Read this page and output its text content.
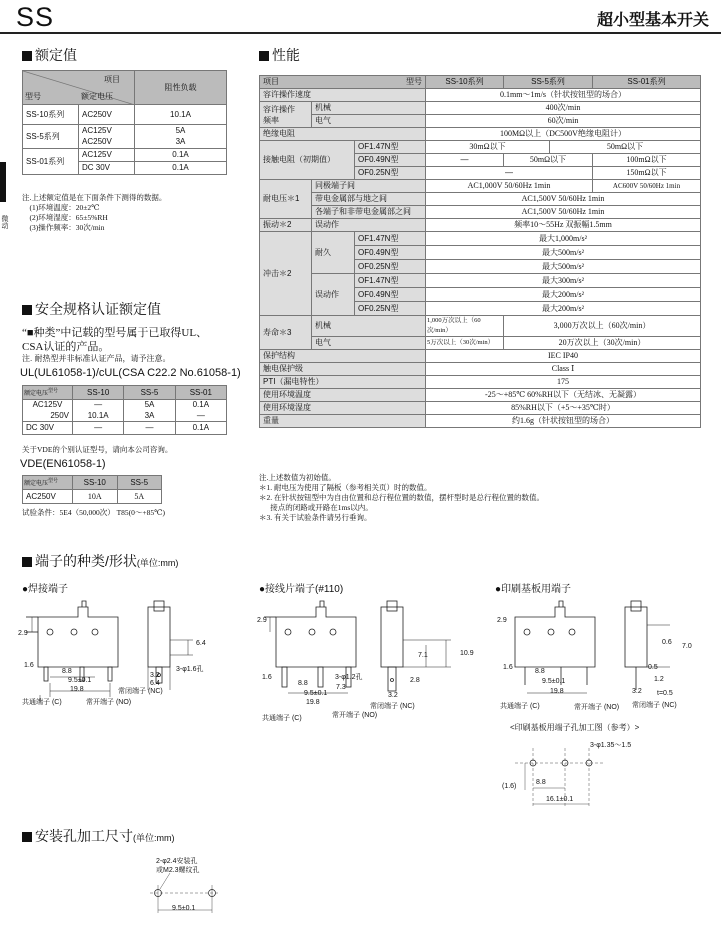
SS	超小型基本开关
微动
额定值
项目
型号 额定电压		阻性负载
SS-10系列	AC250V	10.1A
SS-5系列	AC125V	5A
	AC250V	3A
SS-01系列	AC125V	0.1A
	DC 30V	0.1A
注.上述额定值是在下面条件下测得的数据。
(1)环境温度：20±2℃
(2)环境湿度：65±5%RH
(3)操作频率：30次/min
安全规格认证额定值
“■种类”中记载的型号属于已取得UL、
CSA认证的产品。
注. 耐热型并非标准认证产品，请予注意。
UL(UL61058-1)/cUL(CSA C22.2 No.61058-1)
额定电压$^{型号}$	SS-10	SS-5	SS-01
AC125V	—	5A	0.1A
250V	10.1A	3A	—
DC 30V	—	—	0.1A
关于VDE的个别认证型号，请向本公司咨询。
VDE(EN61058-1)
额定电压$^{型号}$	SS-10	SS-5
AC250V	10A	5A
试验条件：5E4（50,000次） T85(0～+85℃)
性能
项目 型号			SS-10系列	SS-5系列		SS-01系列
容许操作速度			0.1mm～1m/s（针状按钮型的场合）			
容许操作
频率	机械		400次/min			
	电气		60次/min			
绝缘电阻			100MΩ以上（DC500V绝缘电阻计）			
接触电阻（初期值）		OF1.47N型	30mΩ以下		50mΩ以下	
		OF0.49N型	—	50mΩ以下		100mΩ以下
		OF0.25N型	—			150mΩ以下
耐电压＊1	同极端子间		AC1,000V 50/60Hz 1min			AC600V 50/60Hz 1min
	带电金属部与地之间		AC1,500V 50/60Hz 1min			
	各端子和非带电金属部之间		AC1,500V 50/60Hz 1min			
振动＊2	误动作		频率10～55Hz 双振幅1.5mm			
冲击＊2	耐久	OF1.47N型	最大1,000m/s²			
		OF0.49N型	最大500m/s²			
		OF0.25N型	最大500m/s²			
	误动作	OF1.47N型	最大300m/s²			
		OF0.49N型	最大200m/s²			
		OF0.25N型	最大200m/s²			
寿命＊3	机械		1,000万次以上（60次/min）	3,000万次以上（60次/min）		
	电气		5万次以上（30次/min）	20万次以上（30次/min）		
保护结构			IEC IP40			
触电保护级			Class Ⅰ			
PTI（漏电特性）			175			
使用环境温度			-25～+85℃ 60%RH以下（无结冰、无凝露）			
使用环境湿度			85%RH以下（+5～+35℃时）			
重量			约1.6g（针状按钮型的场合）			
注.上述数值为初始值。
＊1. 耐电压为使用了隔板（参考相关页）时的数值。
＊2. 在针状按钮型中为自由位置和总行程位置的数值，摆杆型时是总行程位置的数值。
接点的闭路或开路在1ms以内。
＊3. 有关于试验条件请另行垂询。
端子的种类/形状(单位:mm)
●焊接端子	●接线片端子(#110)	●印刷基板用端子
2.9
1.6
8.8
9.5±0.1
19.8
3.2
6.4
6.4
3-φ1.6孔
共通端子 (C)	常开端子 (NO)
常闭端子 (NC)
2.9
1.6
8.8
9.5±0.1
19.8
7.3
7.1	10.9
2.8
3.2
3-φ1.2孔
共通端子 (C)	常开端子 (NO)
常闭端子 (NC)
2.9
1.6
8.8
9.5±0.1
19.8
0.6
7.0
0.5
1.2
3.2 t=0.5
共通端子 (C)	常开端子 (NO) 常闭端子 (NC)
<印刷基板用端子孔加工图（参考）>
3-φ1.35～1.5
8.8
16.1±0.1
(1.6)
安装孔加工尺寸(单位:mm)
2-φ2.4安装孔
或M2.3螺纹孔
9.5±0.1
